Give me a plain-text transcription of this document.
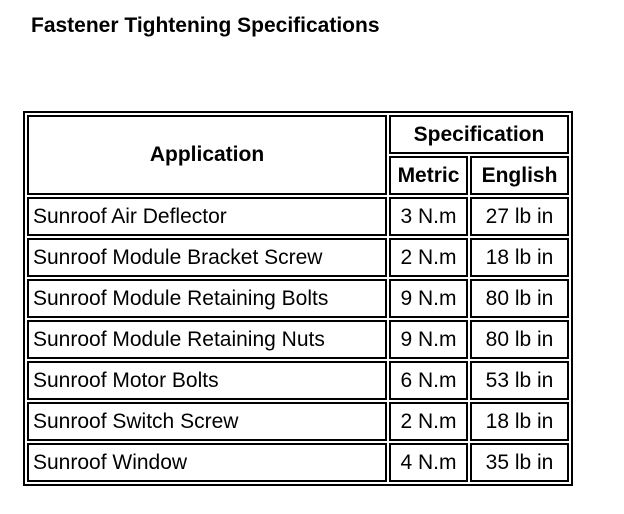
Fastener Tightening Specifications
Application	Specification	
	Metric	English
Sunroof Air Deflector	3 N.m	27 lb in
Sunroof Module Bracket Screw	2 N.m	18 lb in
Sunroof Module Retaining Bolts	9 N.m	80 lb in
Sunroof Module Retaining Nuts	9 N.m	80 lb in
Sunroof Motor Bolts	6 N.m	53 lb in
Sunroof Switch Screw	2 N.m	18 lb in
Sunroof Window	4 N.m	35 lb in
